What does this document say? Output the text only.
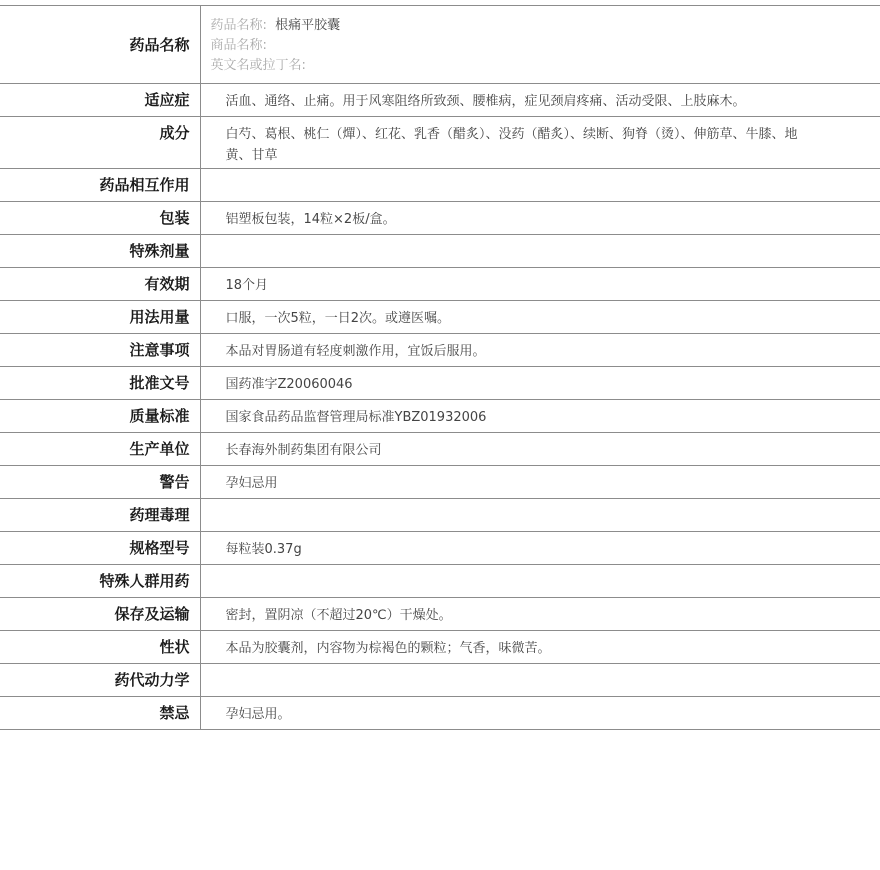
药品名称	药品名称: 根痛平胶囊
商品名称:
英文名或拉丁名:

适应症	活血、通络、止痛。用于风寒阻络所致颈、腰椎病，症见颈肩疼痛、活动受限、上肢麻木。
成分	白芍、葛根、桃仁（燀）、红花、乳香（醋炙）、没药（醋炙）、续断、狗脊（烫）、伸筋草、牛膝、地黄、甘草
药品相互作用	
包装	铝塑板包装，14粒×2板/盒。
特殊剂量	
有效期	18个月
用法用量	口服，一次5粒，一日2次。或遵医嘱。
注意事项	本品对胃肠道有轻度刺激作用，宜饭后服用。
批准文号	国药准字Z20060046
质量标准	国家食品药品监督管理局标准YBZ01932006
生产单位	长春海外制药集团有限公司
警告	孕妇忌用
药理毒理	
规格型号	每粒装0.37g
特殊人群用药	
保存及运输	密封，置阴凉（不超过20℃）干燥处。
性状	本品为胶囊剂，内容物为棕褐色的颗粒；气香，味微苦。
药代动力学	
禁忌	孕妇忌用。
